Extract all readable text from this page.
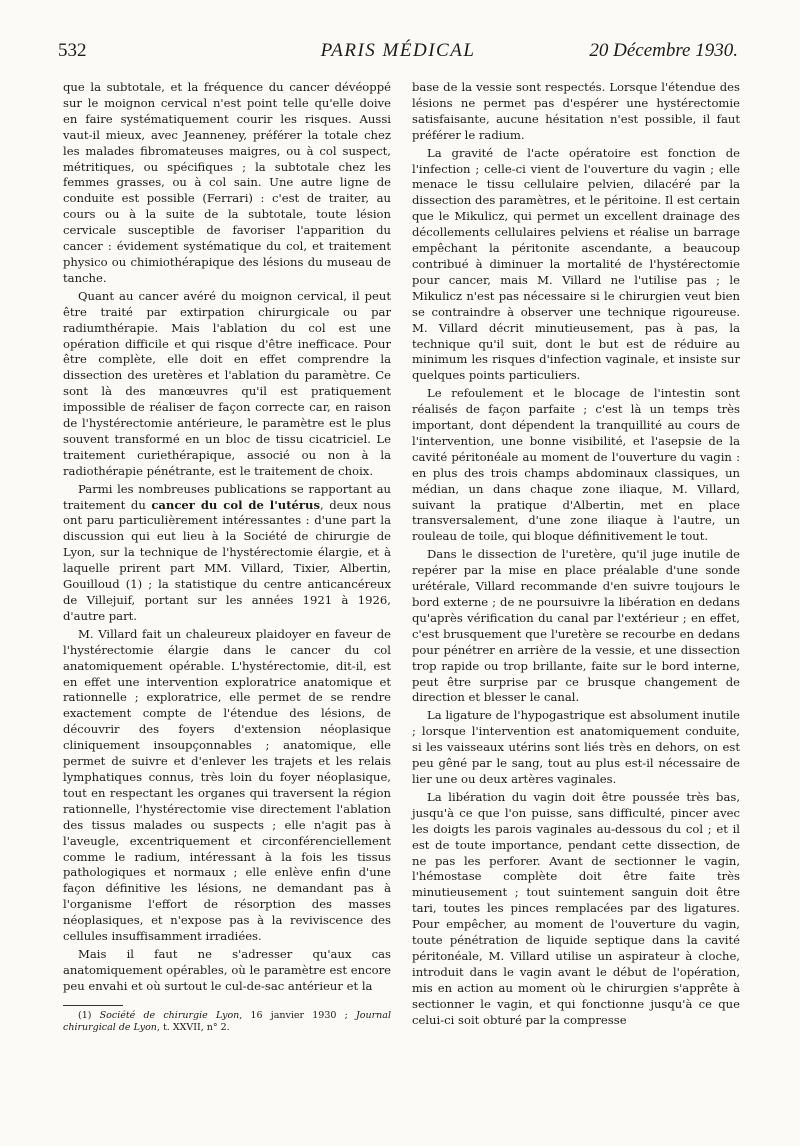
532	PARIS MÉDICAL	20 Décembre 1930.

que la subtotale, et la fréquence du cancer dévéoppé sur le moignon cervical n'est point telle qu'elle doive en faire systématiquement courir les risques. Aussi vaut-il mieux, avec Jeanneney, préférer la totale chez les malades fibromateuses maigres, ou à col suspect, métritiques, ou spécifiques ; la subtotale chez les femmes grasses, ou à col sain. Une autre ligne de conduite est possible (Ferrari) : c'est de traiter, au cours ou à la suite de la subtotale, toute lésion cervicale susceptible de favoriser l'apparition du cancer : évidement systématique du col, et traitement physico ou chimiothérapique des lésions du museau de tanche.

Quant au cancer avéré du moignon cervical, il peut être traité par extirpation chirurgicale ou par radiumthérapie. Mais l'ablation du col est une opération difficile et qui risque d'être inefficace. Pour être complète, elle doit en effet comprendre la dissection des uretères et l'ablation du paramètre. Ce sont là des manœuvres qu'il est pratiquement impossible de réaliser de façon correcte car, en raison de l'hystérectomie antérieure, le paramètre est le plus souvent transformé en un bloc de tissu cicatriciel. Le traitement curiethérapique, associé ou non à la radiothérapie pénétrante, est le traitement de choix.

Parmi les nombreuses publications se rapportant au traitement du cancer du col de l'utérus, deux nous ont paru particulièrement intéressantes : d'une part la discussion qui eut lieu à la Société de chirurgie de Lyon, sur la technique de l'hystérectomie élargie, et à laquelle prirent part MM. Villard, Tixier, Albertin, Gouilloud (1) ; la statistique du centre anticancéreux de Villejuif, portant sur les années 1921 à 1926, d'autre part.

M. Villard fait un chaleureux plaidoyer en faveur de l'hystérectomie élargie dans le cancer du col anatomiquement opérable. L'hystérectomie, dit-il, est en effet une intervention exploratrice anatomique et rationnelle ; exploratrice, elle permet de se rendre exactement compte de l'étendue des lésions, de découvrir des foyers d'extension néoplasique cliniquement insoupçonnables ; anatomique, elle permet de suivre et d'enlever les trajets et les relais lymphatiques connus, très loin du foyer néoplasique, tout en respectant les organes qui traversent la région rationnelle, l'hystérectomie vise directement l'ablation des tissus malades ou suspects ; elle n'agit pas à l'aveugle, excentriquement et circonférenciellement comme le radium, intéressant à la fois les tissus pathologiques et normaux ; elle enlève enfin d'une façon définitive les lésions, ne demandant pas à l'organisme l'effort de résorption des masses néoplasiques, et n'expose pas à la reviviscence des cellules insuffisamment irradiées.

Mais il faut ne s'adresser qu'aux cas anatomiquement opérables, où le paramètre est encore peu envahi et où surtout le cul-de-sac antérieur et la

(1) Société de chirurgie Lyon, 16 janvier 1930 ; Journal chirurgical de Lyon, t. XXVII, n° 2.

base de la vessie sont respectés. Lorsque l'étendue des lésions ne permet pas d'espérer une hystérectomie satisfaisante, aucune hésitation n'est possible, il faut préférer le radium.

La gravité de l'acte opératoire est fonction de l'infection ; celle-ci vient de l'ouverture du vagin ; elle menace le tissu cellulaire pelvien, dilacéré par la dissection des paramètres, et le péritoine. Il est certain que le Mikulicz, qui permet un excellent drainage des décollements cellulaires pelviens et réalise un barrage empêchant la péritonite ascendante, a beaucoup contribué à diminuer la mortalité de l'hystérectomie pour cancer, mais M. Villard ne l'utilise pas ; le Mikulicz n'est pas nécessaire si le chirurgien veut bien se contraindre à observer une technique rigoureuse. M. Villard décrit minutieusement, pas à pas, la technique qu'il suit, dont le but est de réduire au minimum les risques d'infection vaginale, et insiste sur quelques points particuliers.

Le refoulement et le blocage de l'intestin sont réalisés de façon parfaite ; c'est là un temps très important, dont dépendent la tranquillité au cours de l'intervention, une bonne visibilité, et l'asepsie de la cavité péritonéale au moment de l'ouverture du vagin : en plus des trois champs abdominaux classiques, un médian, un dans chaque zone iliaque, M. Villard, suivant la pratique d'Albertin, met en place transversalement, d'une zone iliaque à l'autre, un rouleau de toile, qui bloque définitivement le tout.

Dans le dissection de l'uretère, qu'il juge inutile de repérer par la mise en place préalable d'une sonde urétérale, Villard recommande d'en suivre toujours le bord externe ; de ne poursuivre la libération en dedans qu'après vérification du canal par l'extérieur ; en effet, c'est brusquement que l'uretère se recourbe en dedans pour pénétrer en arrière de la vessie, et une dissection trop rapide ou trop brillante, faite sur le bord interne, peut être surprise par ce brusque changement de direction et blesser le canal.

La ligature de l'hypogastrique est absolument inutile ; lorsque l'intervention est anatomiquement conduite, si les vaisseaux utérins sont liés très en dehors, on est peu gêné par le sang, tout au plus est-il nécessaire de lier une ou deux artères vaginales.

La libération du vagin doit être poussée très bas, jusqu'à ce que l'on puisse, sans difficulté, pincer avec les doigts les parois vaginales au-dessous du col ; et il est de toute importance, pendant cette dissection, de ne pas les perforer. Avant de sectionner le vagin, l'hémostase complète doit être faite très minutieusement ; tout suintement sanguin doit être tari, toutes les pinces remplacées par des ligatures. Pour empêcher, au moment de l'ouverture du vagin, toute pénétration de liquide septique dans la cavité péritonéale, M. Villard utilise un aspirateur à cloche, introduit dans le vagin avant le début de l'opération, mis en action au moment où le chirurgien s'apprête à sectionner le vagin, et qui fonctionne jusqu'à ce que celui-ci soit obturé par la compresse
